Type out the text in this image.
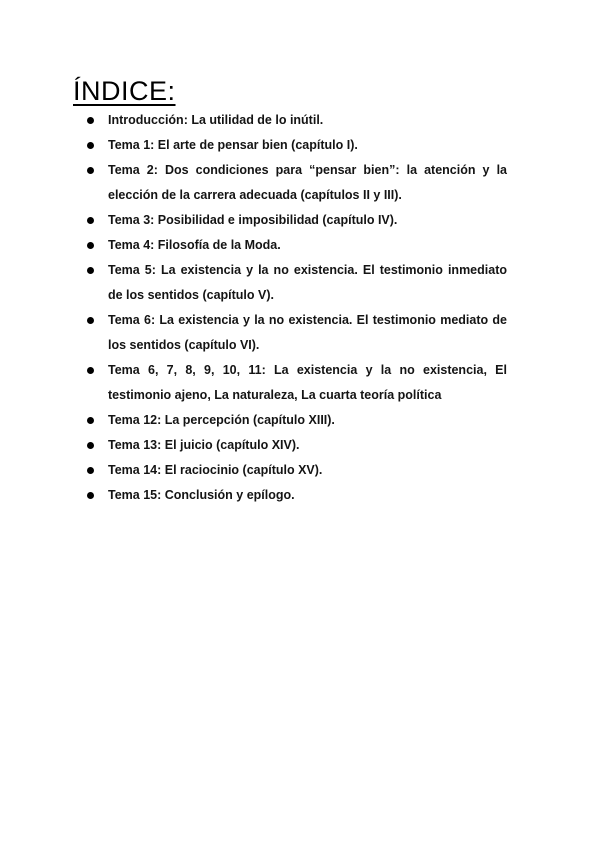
ÍNDICE:
Introducción: La utilidad de lo inútil.
Tema 1: El arte de pensar bien (capítulo I).
Tema 2: Dos condiciones para “pensar bien”: la atención y la elección de la carrera adecuada (capítulos II y III).
Tema 3: Posibilidad e imposibilidad (capítulo IV).
Tema 4: Filosofía de la Moda.
Tema 5: La existencia y la no existencia. El testimonio inmediato de los sentidos (capítulo V).
Tema 6: La existencia y la no existencia. El testimonio mediato de los sentidos (capítulo VI).
Tema 6, 7, 8, 9, 10, 11: La existencia y la no existencia, El testimonio ajeno, La naturaleza, La cuarta teoría política
Tema 12: La percepción (capítulo XIII).
Tema 13: El juicio (capítulo XIV).
Tema 14: El raciocinio (capítulo XV).
Tema 15: Conclusión y epílogo.
